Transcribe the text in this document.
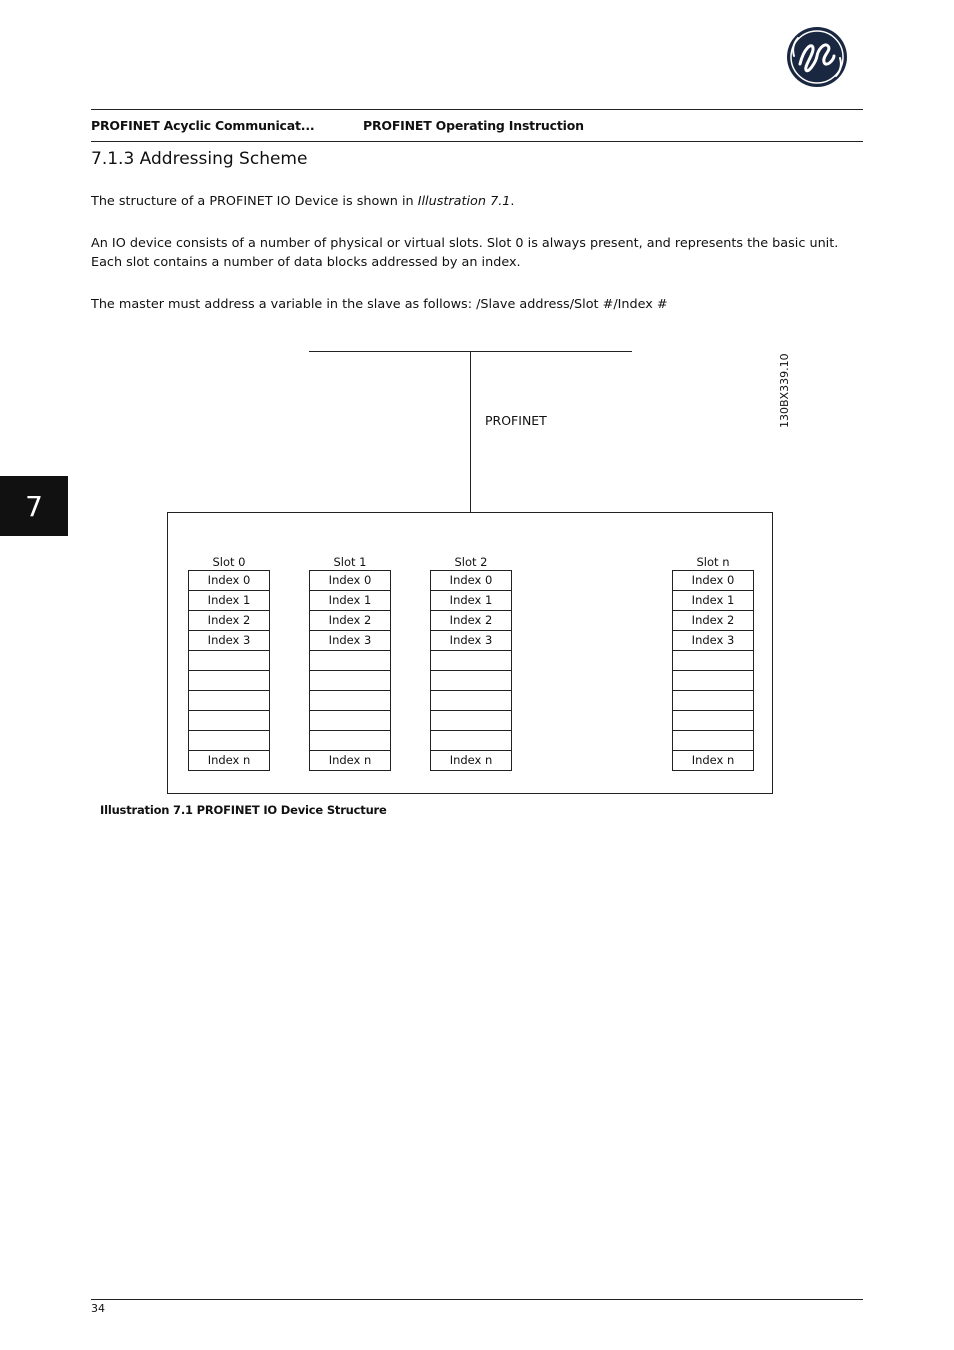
PROFINET Acyclic Communicat...	PROFINET Operating Instruction
7.1.3 Addressing Scheme
The structure of a PROFINET IO Device is shown in Illustration 7.1.
An IO device consists of a number of physical or virtual slots. Slot 0 is always present, and represents the basic unit. Each slot contains a number of data blocks addressed by an index.
The master must address a variable in the slave as follows: /Slave address/Slot #/Index #
7
PROFINET	130BX339.10
Slot 0
Index 0
Index 1
Index 2
Index 3
Index n
Slot 1
Index 0
Index 1
Index 2
Index 3
Index n
Slot 2
Index 0
Index 1
Index 2
Index 3
Index n
Slot n
Index 0
Index 1
Index 2
Index 3
Index n
Illustration 7.1 PROFINET IO Device Structure
34
